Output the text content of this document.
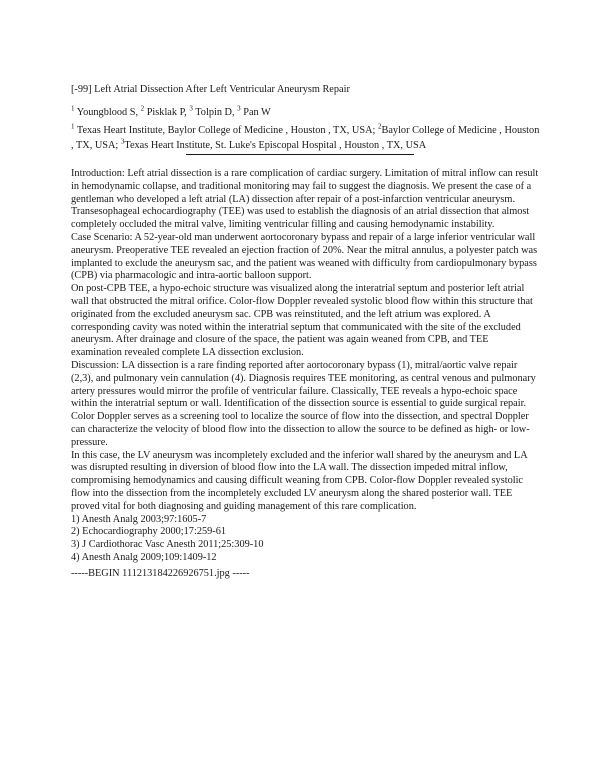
[-99] Left Atrial Dissection After Left Ventricular Aneurysm Repair
$^1$ Youngblood S, $^2$ Pisklak P, $^3$ Tolpin D, $^3$ Pan W
$^1$ Texas Heart Institute, Baylor College of Medicine , Houston , TX, USA; $^2$Baylor College of Medicine , Houston , TX, USA; $^3$Texas Heart Institute, St. Luke's Episcopal Hospital , Houston , TX, USA

Introduction: Left atrial dissection is a rare complication of cardiac surgery. Limitation of mitral inflow can result in hemodynamic collapse, and traditional monitoring may fail to suggest the diagnosis. We present the case of a gentleman who developed a left atrial (LA) dissection after repair of a post-infarction ventricular aneurysm. Transesophageal echocardiography (TEE) was used to establish the diagnosis of an atrial dissection that almost completely occluded the mitral valve, limiting ventricular filling and causing hemodynamic instability.

Case Scenario: A 52-year-old man underwent aortocoronary bypass and repair of a large inferior ventricular wall aneurysm. Preoperative TEE revealed an ejection fraction of 20%. Near the mitral annulus, a polyester patch was implanted to exclude the aneurysm sac, and the patient was weaned with difficulty from cardiopulmonary bypass (CPB) via pharmacologic and intra-aortic balloon support.

On post-CPB TEE, a hypo-echoic structure was visualized along the interatrial septum and posterior left atrial wall that obstructed the mitral orifice. Color-flow Doppler revealed systolic blood flow within this structure that originated from the excluded aneurysm sac. CPB was reinstituted, and the left atrium was explored. A corresponding cavity was noted within the interatrial septum that communicated with the site of the excluded aneurysm. After drainage and closure of the space, the patient was again weaned from CPB, and TEE examination revealed complete LA dissection exclusion.

Discussion: LA dissection is a rare finding reported after aortocoronary bypass (1), mitral/aortic valve repair (2,3), and pulmonary vein cannulation (4). Diagnosis requires TEE monitoring, as central venous and pulmonary artery pressures would mirror the profile of ventricular failure. Classically, TEE reveals a hypo-echoic space within the interatrial septum or wall. Identification of the dissection source is essential to guide surgical repair. Color Doppler serves as a screening tool to localize the source of flow into the dissection, and spectral Doppler can characterize the velocity of blood flow into the dissection to allow the source to be defined as high- or low-pressure.

In this case, the LV aneurysm was incompletely excluded and the inferior wall shared by the aneurysm and LA was disrupted resulting in diversion of blood flow into the LA wall. The dissection impeded mitral inflow, compromising hemodynamics and causing difficult weaning from CPB. Color-flow Doppler revealed systolic flow into the dissection from the incompletely excluded LV aneurysm along the shared posterior wall. TEE proved vital for both diagnosing and guiding management of this rare complication.

1) Anesth Analg 2003;97:1605-7

2) Echocardiography 2000;17:259-61

3) J Cardiothorac Vasc Anesth 2011;25:309-10

4) Anesth Analg 2009;109:1409-12

-----BEGIN 111213184226926751.jpg -----
